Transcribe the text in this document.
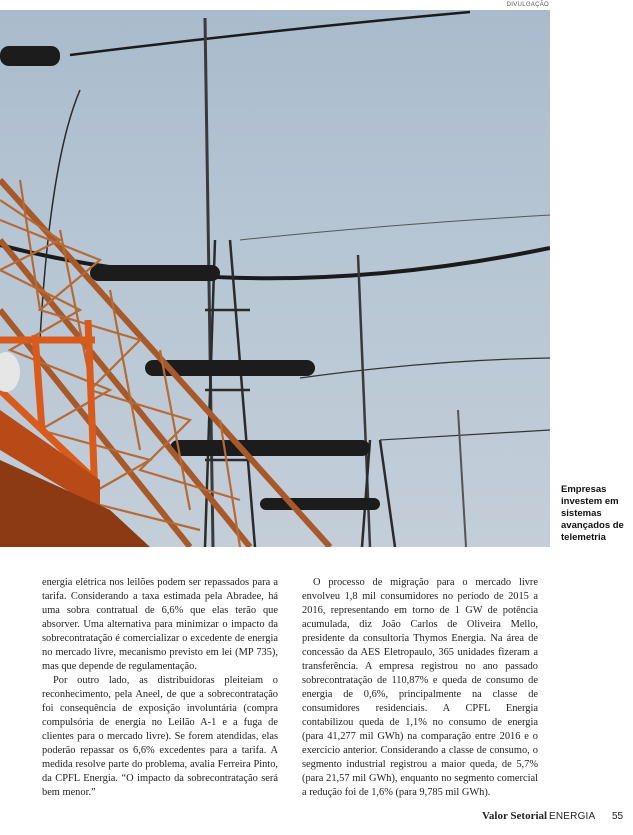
DIVULGAÇÃO
Empresas investem em sistemas avançados de telemetria

energia elétrica nos leilões podem ser repassados para a tarifa. Considerando a taxa estimada pela Abradee, há uma sobra contratual de 6,6% que elas terão que absorver. Uma alternativa para minimizar o impacto da sobrecontratação é comercializar o excedente de energia no mercado livre, mecanismo previsto em lei (MP 735), mas que depende de regulamentação.

Por outro lado, as distribuidoras pleiteiam o reconhecimento, pela Aneel, de que a sobrecontratação foi consequência de exposição involuntária (compra compulsória de energia no Leilão A-1 e a fuga de clientes para o mercado livre). Se forem atendidas, elas poderão repassar os 6,6% excedentes para a tarifa. A medida resolve parte do problema, avalia Ferreira Pinto, da CPFL Energia. “O impacto da sobrecontratação será bem menor.”

O processo de migração para o mercado livre envolveu 1,8 mil consumidores no período de 2015 a 2016, representando em torno de 1 GW de potência acumulada, diz João Carlos de Oliveira Mello, presidente da consultoria Thymos Energia. Na área de concessão da AES Eletropaulo, 365 unidades fizeram a transferência. A empresa registrou no ano passado sobrecontratação de 110,87% e queda de consumo de energia de 0,6%, principalmente na classe de consumidores residenciais. A CPFL Energia contabilizou queda de 1,1% no consumo de energia (para 41,277 mil GWh) na comparação entre 2016 e o exercício anterior. Considerando a classe de consumo, o segmento industrial registrou a maior queda, de 5,7% (para 21,57 mil GWh), enquanto no segmento comercial a redução foi de 1,6% (para 9,785 mil GWh).

Valor Setorial ENERGIA 55
